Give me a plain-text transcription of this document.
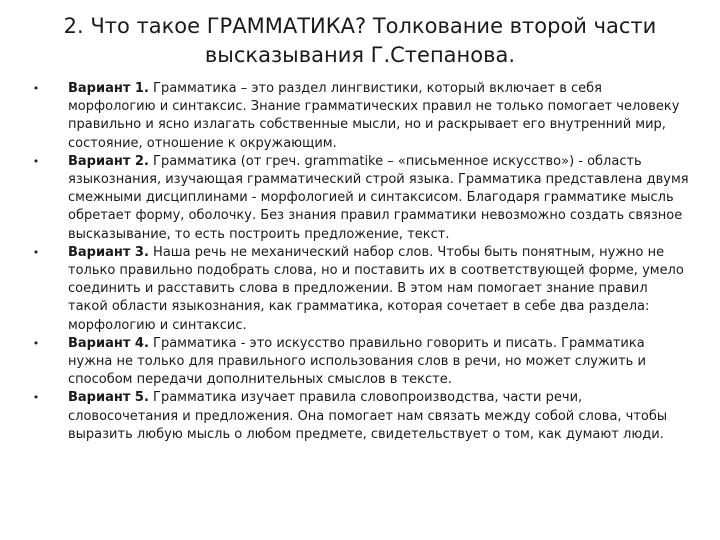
2. Что такое ГРАММАТИКА? Толкование второй части
высказывания Г.Степанова.
• Вариант 1. Грамматика – это раздел лингвистики, который включает в себя морфологию и синтаксис. Знание грамматических правил не только помогает человеку правильно и ясно излагать собственные мысли, но и раскрывает его внутренний мир, состояние, отношение к окружающим.
• Вариант 2. Грамматика (от греч. grammatike – «письменное искусство») - область языкознания, изучающая грамматический строй языка. Грамматика представлена двумя смежными дисциплинами - морфологией и синтаксисом. Благодаря грамматике мысль обретает форму, оболочку. Без знания правил грамматики невозможно создать связное высказывание, то есть построить предложение, текст.
• Вариант 3. Наша речь не механический набор слов. Чтобы быть понятным, нужно не только правильно подобрать слова, но и поставить их в соответствующей форме, умело соединить и расставить слова в предложении. В этом нам помогает знание правил такой области языкознания, как грамматика, которая сочетает в себе два раздела: морфологию и синтаксис.
• Вариант 4. Грамматика - это искусство правильно говорить и писать. Грамматика нужна не только для правильного использования слов в речи, но может служить и способом передачи дополнительных смыслов в тексте.
• Вариант 5. Грамматика изучает правила словопроизводства, части речи, словосочетания и предложения. Она помогает нам связать между собой слова, чтобы выразить любую мысль о любом предмете, свидетельствует о том, как думают люди.
